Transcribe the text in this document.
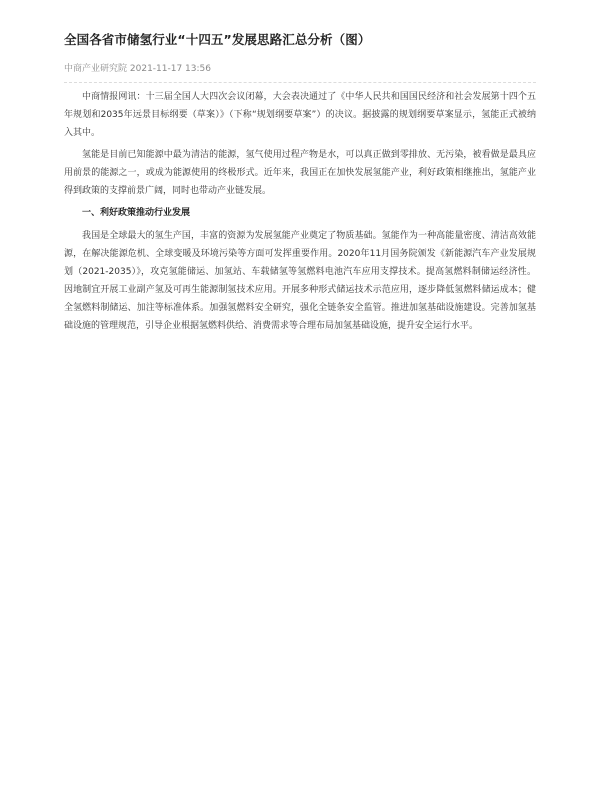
全国各省市储氢行业“十四五”发展思路汇总分析（图）
中商产业研究院 2021-11-17 13:56

中商情报网讯：十三届全国人大四次会议闭幕，大会表决通过了《中华人民共和国国民经济和社会发展第十四个五年规划和2035年远景目标纲要（草案）》（下称“规划纲要草案”）的决议。据披露的规划纲要草案显示，氢能正式被纳入其中。

氢能是目前已知能源中最为清洁的能源，氢气使用过程产物是水，可以真正做到零排放、无污染，被看做是最具应用前景的能源之一，或成为能源使用的终极形式。近年来，我国正在加快发展氢能产业，利好政策相继推出，氢能产业得到政策的支撑前景广阔，同时也带动产业链发展。

一、利好政策推动行业发展

我国是全球最大的氢生产国，丰富的资源为发展氢能产业奠定了物质基础。氢能作为一种高能量密度、清洁高效能源，在解决能源危机、全球变暖及环境污染等方面可发挥重要作用。2020年11月国务院颁发《新能源汽车产业发展规划（2021-2035）》，攻克氢能储运、加氢站、车载储氢等氢燃料电池汽车应用支撑技术。提高氢燃料制储运经济性。因地制宜开展工业副产氢及可再生能源制氢技术应用。开展多种形式储运技术示范应用，逐步降低氢燃料储运成本；健全氢燃料制储运、加注等标准体系。加强氢燃料安全研究，强化全链条安全监管。推进加氢基础设施建设。完善加氢基础设施的管理规范，引导企业根据氢燃料供给、消费需求等合理布局加氢基础设施，提升安全运行水平。
